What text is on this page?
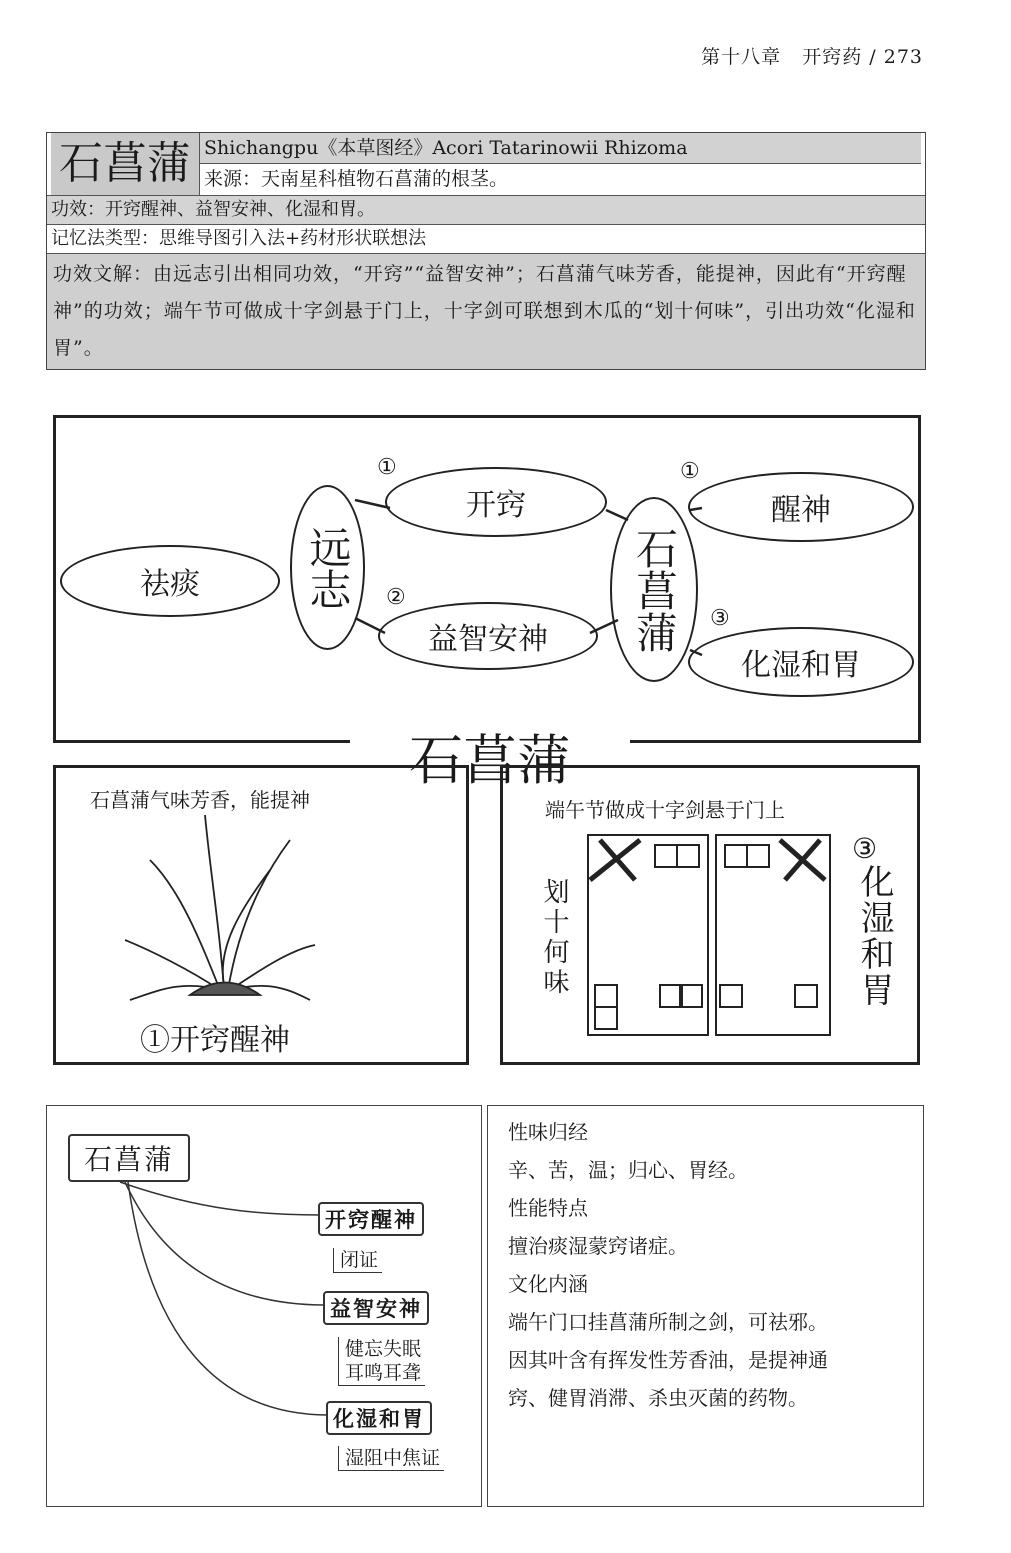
第十八章 开窍药 / 273
石菖蒲 Shichangpu《本草图经》Acori Tatarinowii Rhizoma
来源：天南星科植物石菖蒲的根茎。
功效：开窍醒神、益智安神、化湿和胃。
记忆法类型：思维导图引入法+药材形状联想法
功效文解：由远志引出相同功效，“开窍”“益智安神”；石菖蒲气味芳香，能提神，因此有“开窍醒神”的功效；端午节可做成十字剑悬于门上，十字剑可联想到木瓜的“划十何味”，引出功效“化湿和胃”。
祛痰	远志
①
开窍
②
益智安神	石菖蒲
①
醒神
③
化湿和胃
石菖蒲
石菖蒲气味芳香，能提神
①开窍醒神
端午节做成十字剑悬于门上
划十何味
③
化湿和胃
石菖蒲
开窍醒神
闭证
益智安神
健忘失眠
耳鸣耳聋
化湿和胃
湿阻中焦证
性味归经
辛、苦，温；归心、胃经。
性能特点
擅治痰湿蒙窍诸症。
文化内涵
端午门口挂菖蒲所制之剑，可祛邪。
因其叶含有挥发性芳香油，是提神通
窍、健胃消滞、杀虫灭菌的药物。
